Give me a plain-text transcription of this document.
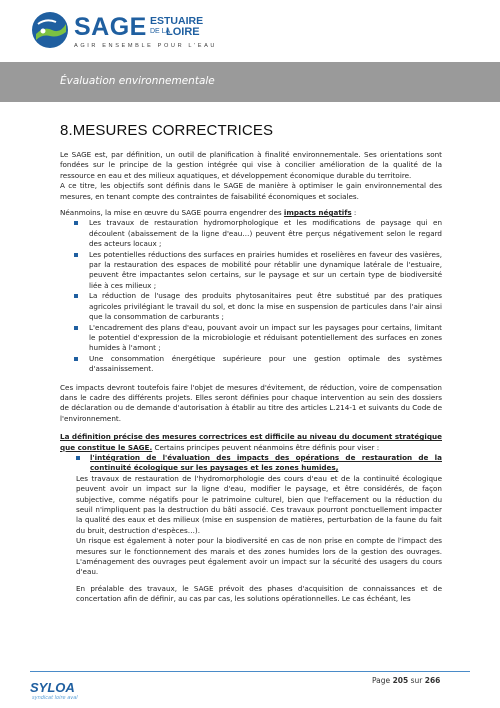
SAGE ESTUAIRE
DE LA
LOIRE
AGIR ENSEMBLE POUR L'EAU
Évaluation environnementale
8.MESURES CORRECTRICES

Le SAGE est, par définition, un outil de planification à finalité environnementale. Ses orientations sont fondées sur le principe de la gestion intégrée qui vise à concilier amélioration de la qualité de la ressource en eau et des milieux aquatiques, et développement économique durable du territoire.

A ce titre, les objectifs sont définis dans le SAGE de manière à optimiser le gain environnemental des mesures, en tenant compte des contraintes de faisabilité économiques et sociales.

Néanmoins, la mise en œuvre du SAGE pourra engendrer des impacts négatifs :

Les travaux de restauration hydromorphologique et les modifications de paysage qui en découlent (abaissement de la ligne d'eau…) peuvent être perçus négativement selon le regard des acteurs locaux ;
Les potentielles réductions des surfaces en prairies humides et roselières en faveur des vasières, par la restauration des espaces de mobilité pour rétablir une dynamique latérale de l'estuaire, peuvent être impactantes selon certains, sur le paysage et sur un certain type de biodiversité liée à ces milieux ;
La réduction de l'usage des produits phytosanitaires peut être substitué par des pratiques agricoles privilégiant le travail du sol, et donc la mise en suspension de particules dans l'air ainsi que la consommation de carburants ;
L'encadrement des plans d'eau, pouvant avoir un impact sur les paysages pour certains, limitant le potentiel d'expression de la microbiologie et réduisant potentiellement des surfaces en zones humides à l'amont ;
Une consommation énergétique supérieure pour une gestion optimale des systèmes d'assainissement.

Ces impacts devront toutefois faire l'objet de mesures d'évitement, de réduction, voire de compensation dans le cadre des différents projets. Elles seront définies pour chaque intervention au sein des dossiers de déclaration ou de demande d'autorisation à établir au titre des articles L.214-1 et suivants du Code de l'environnement.

La définition précise des mesures correctrices est difficile au niveau du document stratégique que constitue le SAGE. Certains principes peuvent néanmoins être définis pour viser :

l'intégration de l'évaluation des impacts des opérations de restauration de la continuité écologique sur les paysages et les zones humides,

Les travaux de restauration de l'hydromorphologie des cours d'eau et de la continuité écologique peuvent avoir un impact sur la ligne d'eau, modifier le paysage, et être considérés, de façon subjective, comme négatifs pour le patrimoine culturel, bien que l'effacement ou la réduction du seuil n'impliquent pas la destruction du bâti associé. Ces travaux pourront ponctuellement impacter la qualité des eaux et des milieux (mise en suspension de matières, perturbation de la faune du fait du bruit, destruction d'espèces…).

Un risque est également à noter pour la biodiversité en cas de non prise en compte de l'impact des mesures sur le fonctionnement des marais et des zones humides lors de la gestion des ouvrages. L'aménagement des ouvrages peut également avoir un impact sur la sécurité des usagers du cours d'eau.

En préalable des travaux, le SAGE prévoit des phases d'acquisition de connaissances et de concertation afin de définir, au cas par cas, les solutions opérationnelles. Le cas échéant, les

SYLOA
syndicat loire aval
Page 205 sur 266
